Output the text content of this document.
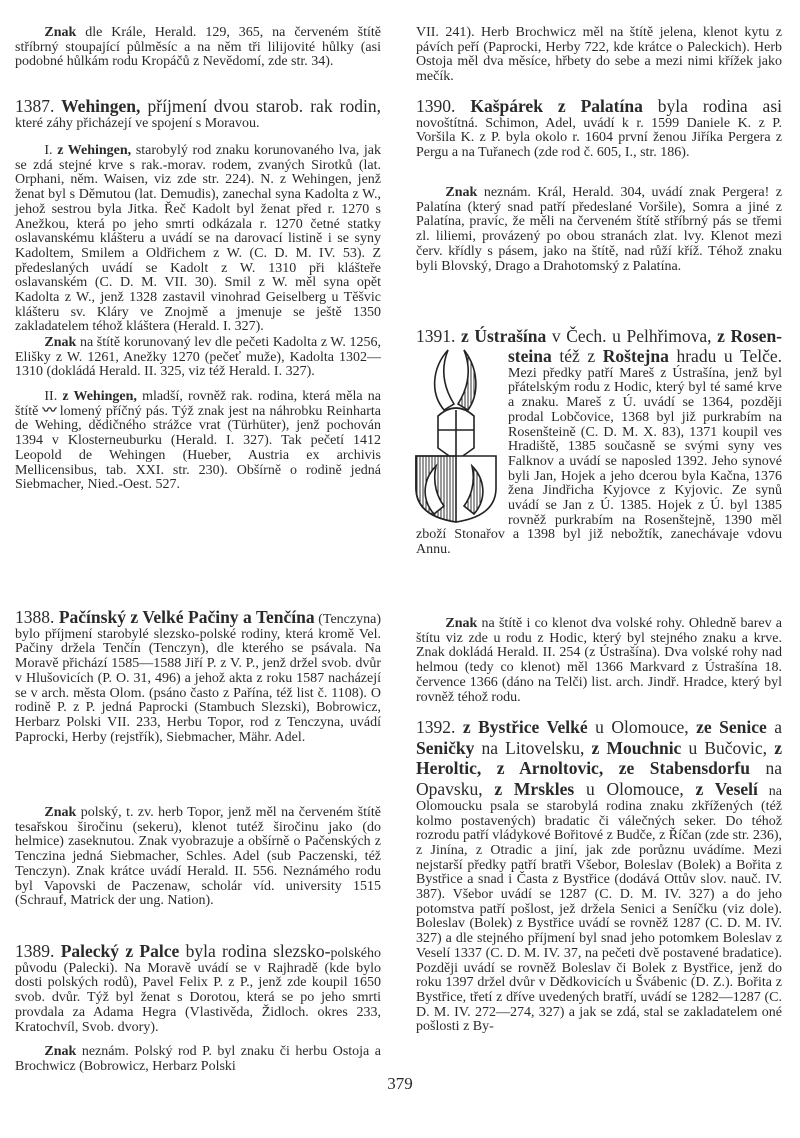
Znak dle Krále, Herald. 129, 365, na červeném štítě stříbrný stoupající půlměsíc a na něm tři lilijovité hůlky (asi podobné hůlkám rodu Kropáčů z Nevědomí, zde str. 34).

1387. Wehingen, příjmení dvou starob. rak rodin, které záhy přicházejí ve spojení s Moravou.

I. z Wehingen, starobylý rod znaku korunovaného lva, jak se zdá stejné krve s rak.-morav. rodem, zvaných Sirotků (lat. Orphani, něm. Waisen, viz zde str. 224). N. z Wehingen, jenž ženat byl s Děmutou (lat. Demudis), zanechal syna Kadolta z W., jehož sestrou byla Jitka. Řeč Kadolt byl ženat před r. 1270 s Anežkou, která po jeho smrti odkázala r. 1270 četné statky oslavanskému klášteru a uvádí se na darovací listině i se syny Kadoltem, Smilem a Oldřichem z W. (C. D. M. IV. 53). Z předeslaných uvádí se Kadolt z W. 1310 při klášteře oslavanském (C. D. M. VII. 30). Smil z W. měl syna opět Kadolta z W., jenž 1328 zastavil vinohrad Geiselberg u Těšvic klášteru sv. Kláry ve Znojmě a jmenuje se ještě 1350 zakladatelem téhož kláštera (Herald. I. 327).

Znak na štítě korunovaný lev dle pečeti Kadolta z W. 1256, Elišky z W. 1261, Anežky 1270 (pečeť muže), Kadolta 1302—1310 (dokládá Herald. II. 325, viz též Herald. I. 327).

II. z Wehingen, mladší, rovněž rak. rodina, která měla na štítě 〰 lomený příčný pás. Týž znak jest na náhrobku Reinharta de Wehing, dědičného strážce vrat (Türhüter), jenž pochován 1394 v Klosterneuburku (Herald. I. 327). Tak pečetí 1412 Leopold de Wehingen (Hueber, Austria ex archivis Mellicensibus, tab. XXI. str. 230). Obšírně o rodině jedná Siebmacher, Nied.-Oest. 527.

1388. Pačínský z Velké Pačiny a Tenčína (Tenczyna) bylo příjmení starobylé slezsko-polské rodiny, která kromě Vel. Pačiny držela Tenčín (Tenczyn), dle kterého se psávala. Na Moravě přichází 1585—1588 Jiří P. z V. P., jenž držel svob. dvůr v Hlušovicích (P. O. 31, 496) a jehož akta z roku 1587 nacházejí se v arch. města Olom. (psáno často z Pařína, též list č. 1108). O rodině P. z P. jedná Paprocki (Stambuch Slezski), Bobrowicz, Herbarz Polski VII. 233, Herbu Topor, rod z Tenczyna, uvádí Paprocki, Herby (rejstřík), Siebmacher, Mähr. Adel.

Znak polský, t. zv. herb Topor, jenž měl na červeném štítě tesařskou širočinu (sekeru), klenot tutéž širočinu jako (do helmice) zaseknutou. Znak vyobrazuje a obšírně o Pačenských z Tenczina jedná Siebmacher, Schles. Adel (sub Paczenski, též Tenczyn). Znak krátce uvádí Herald. II. 556. Neznámého rodu byl Vapovski de Paczenaw, scholár víd. university 1515 (Schrauf, Matrick der ung. Nation).

1389. Palecký z Palce byla rodina slezsko-polského původu (Palecki). Na Moravě uvádí se v Rajhradě (kde bylo dosti polských rodů), Pavel Felix P. z P., jenž zde koupil 1650 svob. dvůr. Týž byl ženat s Dorotou, která se po jeho smrti provdala za Adama Hegra (Vlastivěda, Židloch. okres 233, Kratochvíl, Svob. dvory).

Znak neznám. Polský rod P. byl znaku či herbu Ostoja a Brochwicz (Bobrowicz, Herbarz Polski

VII. 241). Herb Brochwicz měl na štítě jelena, klenot kytu z pávích peří (Paprocki, Herby 722, kde krátce o Paleckich). Herb Ostoja měl dva měsíce, hřbety do sebe a mezi nimi křížek jako mečík.

1390. Kašpárek z Palatína byla rodina asi novoštítná. Schimon, Adel, uvádí k r. 1599 Daniele K. z P. Voršila K. z P. byla okolo r. 1604 první ženou Jiříka Pergera z Pergu a na Tuřanech (zde rod č. 605, I., str. 186).

Znak neznám. Král, Herald. 304, uvádí znak Pergera! z Palatína (který snad patří předeslané Voršile), Somra a jiné z Palatína, pravíc, že měli na červeném štítě stříbrný pás se třemi zl. liliemi, provázený po obou stranách zlat. lvy. Klenot mezi červ. křídly s pásem, jako na štítě, nad růží kříž. Téhož znaku byli Blovský, Drago a Drahotomský z Palatína.

1391. z Ústrašína v Čech. u Pelhřimova, z Rosen-

steina též z Roštejna hradu u Telče. Mezi předky patří Mareš z Ústrašína, jenž byl přátelským rodu z Hodic, který byl té samé krve a znaku. Mareš z Ú. uvádí se 1364, později prodal Lobčovice, 1368 byl již purkrabím na Rosenšteině (C. D. M. X. 83), 1371 koupil ves Hradiště, 1385 současně se svými syny ves Falknov a uvádí se naposled 1392. Jeho synové byli Jan, Hojek a jeho dcerou byla Kačna, 1376 žena Jindřicha Kyjovce z Kyjovic. Ze synů uvádí se Jan z Ú. 1385. Hojek z Ú. byl 1385 rovněž purkrabím na Rosenštejně, 1390 měl zboží Stonařov a 1398 byl již nebožtík, zanechávaje vdovu Annu.

Znak na štítě i co klenot dva volské rohy. Ohledně barev a štítu viz zde u rodu z Hodic, který byl stejného znaku a krve. Znak dokládá Herald. II. 254 (z Ústrašína). Dva volské rohy nad helmou (tedy co klenot) měl 1366 Markvard z Ústrašína 18. července 1366 (dáno na Telči) list. arch. Jindř. Hradce, který byl rovněž téhož rodu.

1392. z Bystřice Velké u Olomouce, ze Senice a Seničky na Litovelsku, z Mouchnic u Bučovic, z Heroltic, z Arnoltovic, ze Stabensdorfu na Opavsku, z Mrskles u Olomouce, z Veselí na Olomoucku psala se starobylá rodina znaku zkřížených (též kolmo postavených) bradatic či válečných seker. Do téhož rozrodu patří vládykové Bořitové z Budče, z Říčan (zde str. 236), z Jinína, z Otradic a jiní, jak zde porůznu uvádíme. Mezi nejstarší předky patří bratři Všebor, Boleslav (Bolek) a Bořita z Bystřice a snad i Časta z Bystřice (dodává Ottův slov. nauč. IV. 387). Všebor uvádí se 1287 (C. D. M. IV. 327) a do jeho potomstva patří pošlost, jež držela Senici a Seníčku (viz dole). Boleslav (Bolek) z Bystřice uvádí se rovněž 1287 (C. D. M. IV. 327) a dle stejného příjmení byl snad jeho potomkem Boleslav z Veselí 1337 (C. D. M. IV. 37, na pečeti dvě postavené bradatice). Později uvádí se rovněž Boleslav či Bolek z Bystřice, jenž do roku 1397 držel dvůr v Dědkovicích u Švábenic (D. Z.). Bořita z Bystřice, třetí z dříve uvedených bratří, uvádí se 1282—1287 (C. D. M. IV. 272—274, 327) a jak se zdá, stal se zakladatelem oné pošlosti z By-

379
